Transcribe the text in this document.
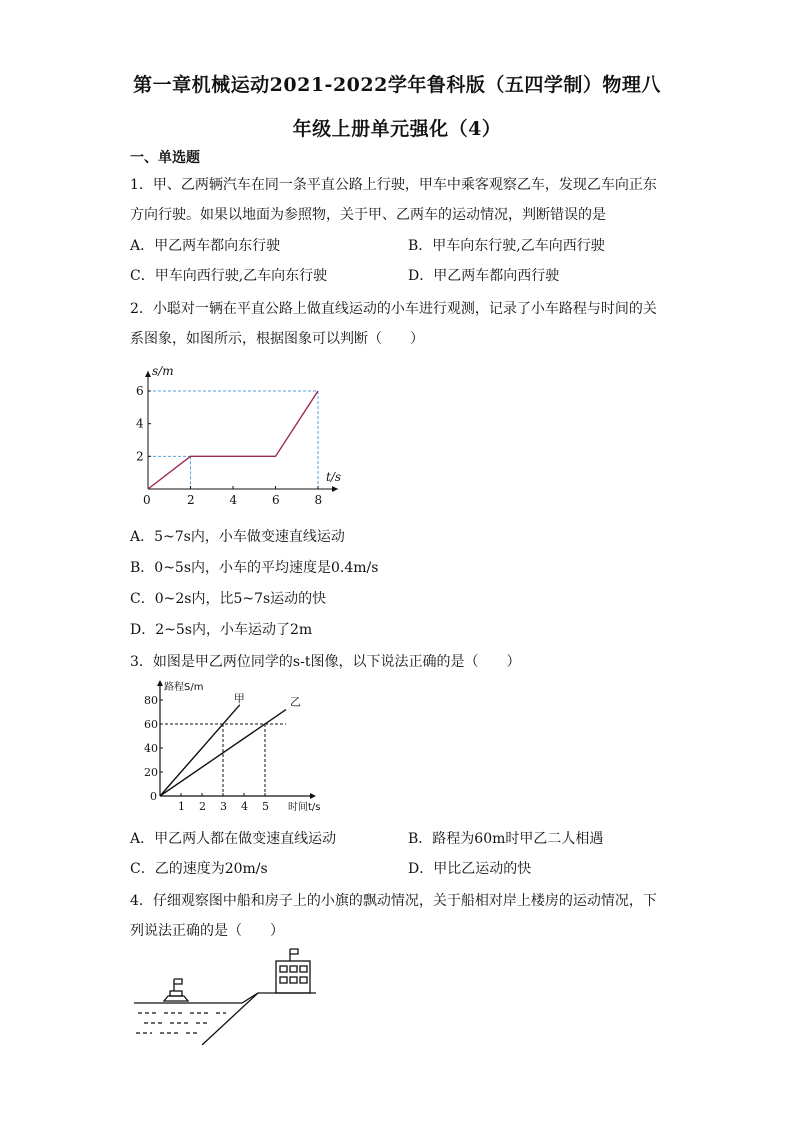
第一章机械运动2021-2022学年鲁科版（五四学制）物理八
年级上册单元强化（4）
一、单选题
1．甲、乙两辆汽车在同一条平直公路上行驶，甲车中乘客观察乙车，发现乙车向正东
方向行驶。如果以地面为参照物，关于甲、乙两车的运动情况，判断错误的是
A．甲乙两车都向东行驶	B．甲车向东行驶,乙车向西行驶
C．甲车向西行驶,乙车向东行驶	D．甲乙两车都向西行驶
2．小聪对一辆在平直公路上做直线运动的小车进行观测，记录了小车路程与时间的关
系图象，如图所示，根据图象可以判断（　　）
0	2	4	6	8
2
4
6
t/s
s/m
A．5~7s内，小车做变速直线运动
B．0~5s内，小车的平均速度是0.4m/s
C．0~2s内，比5~7s运动的快
D．2~5s内，小车运动了2m
3．如图是甲乙两位同学的s-t图像，以下说法正确的是（　　）
甲	乙
1 2 3 4 5
20
40
60
80
0
时间t/s
路程S/m
A．甲乙两人都在做变速直线运动	B．路程为60m时甲乙二人相遇
C．乙的速度为20m/s	D．甲比乙运动的快
4．仔细观察图中船和房子上的小旗的飘动情况，关于船相对岸上楼房的运动情况，下
列说法正确的是（　　）
